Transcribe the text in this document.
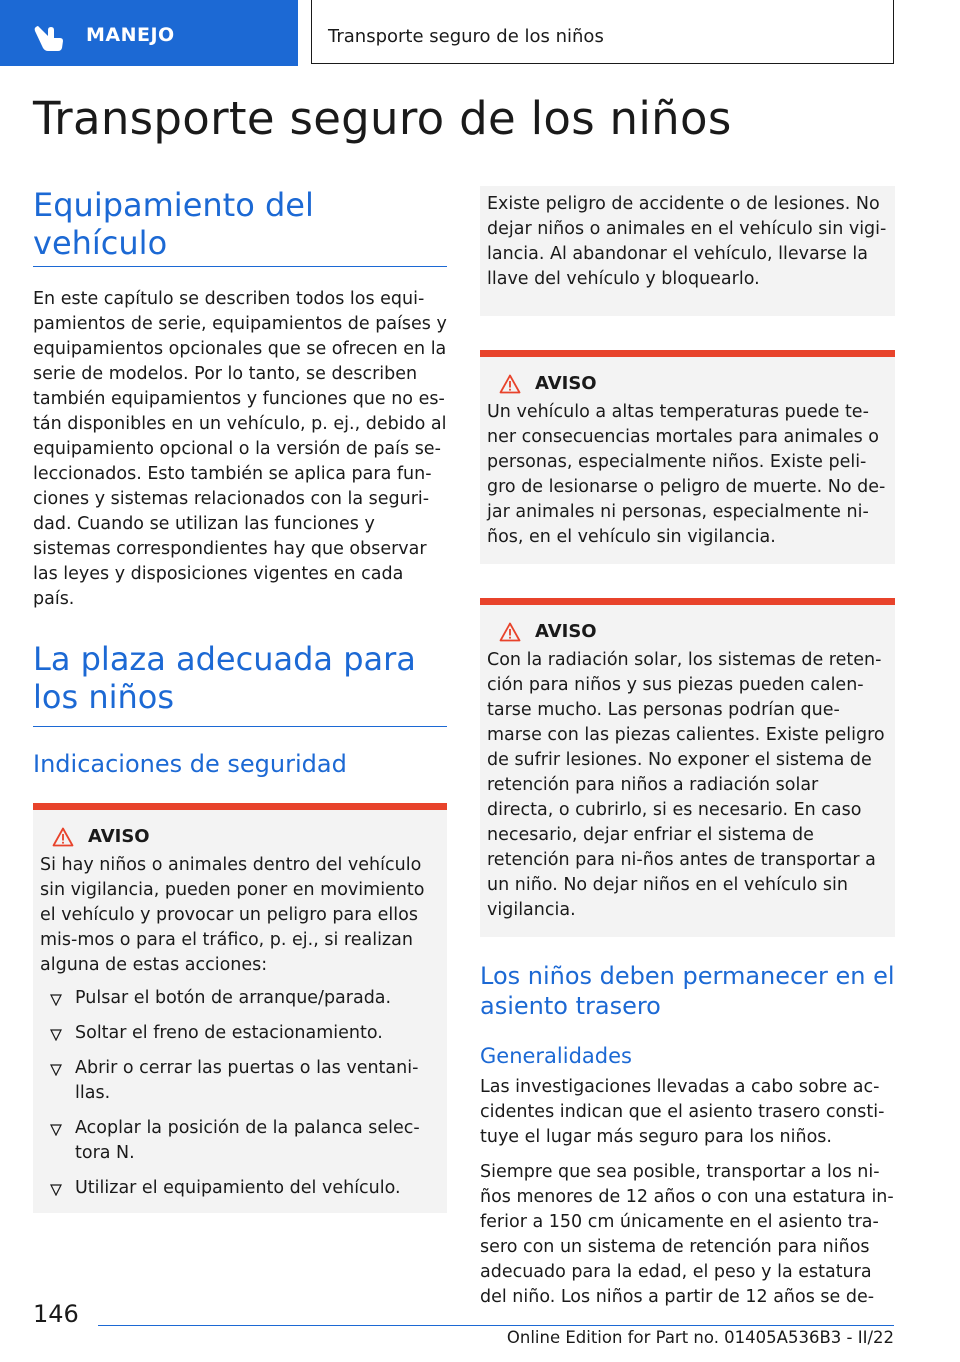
MANEJO	Transporte seguro de los niños
Transporte seguro de los niños
Equipamiento del vehículo

En este capítulo se describen todos los equi-pamientos de serie, equipamientos de países y equipamientos opcionales que se ofrecen en la serie de modelos. Por lo tanto, se describen también equipamientos y funciones que no es-tán disponibles en un vehículo, p. ej., debido al equipamiento opcional o la versión de país se-leccionados. Esto también se aplica para fun-ciones y sistemas relacionados con la seguri-dad. Cuando se utilizan las funciones y sistemas correspondientes hay que observar las leyes y disposiciones vigentes en cada país.

La plaza adecuada para los niños
Indicaciones de seguridad
AVISO

Si hay niños o animales dentro del vehículo sin vigilancia, pueden poner en movimiento el vehículo y provocar un peligro para ellos mis-mos o para el tráfico, p. ej., si realizan alguna de estas acciones:

Pulsar el botón de arranque/parada.
Soltar el freno de estacionamiento.
Abrir o cerrar las puertas o las ventani-llas.
Acoplar la posición de la palanca selec-tora N.
Utilizar el equipamiento del vehículo.

Existe peligro de accidente o de lesiones. No dejar niños o animales en el vehículo sin vigi-lancia. Al abandonar el vehículo, llevarse la llave del vehículo y bloquearlo.

AVISO

Un vehículo a altas temperaturas puede te-ner consecuencias mortales para animales o personas, especialmente niños. Existe peli-gro de lesionarse o peligro de muerte. No de-jar animales ni personas, especialmente ni-ños, en el vehículo sin vigilancia.

AVISO

Con la radiación solar, los sistemas de reten-ción para niños y sus piezas pueden calen-tarse mucho. Las personas podrían que-marse con las piezas calientes. Existe peligro de sufrir lesiones. No exponer el sistema de retención para niños a radiación solar directa, o cubrirlo, si es necesario. En caso necesario, dejar enfriar el sistema de retención para ni-ños antes de transportar a un niño. No dejar niños en el vehículo sin vigilancia.

Los niños deben permanecer en el asiento trasero
Generalidades

Las investigaciones llevadas a cabo sobre ac-cidentes indican que el asiento trasero consti-tuye el lugar más seguro para los niños.

Siempre que sea posible, transportar a los ni-ños menores de 12 años o con una estatura in-ferior a 150 cm únicamente en el asiento tra-sero con un sistema de retención para niños adecuado para la edad, el peso y la estatura del niño. Los niños a partir de 12 años se de-

146
Online Edition for Part no. 01405A536B3 - II/22
